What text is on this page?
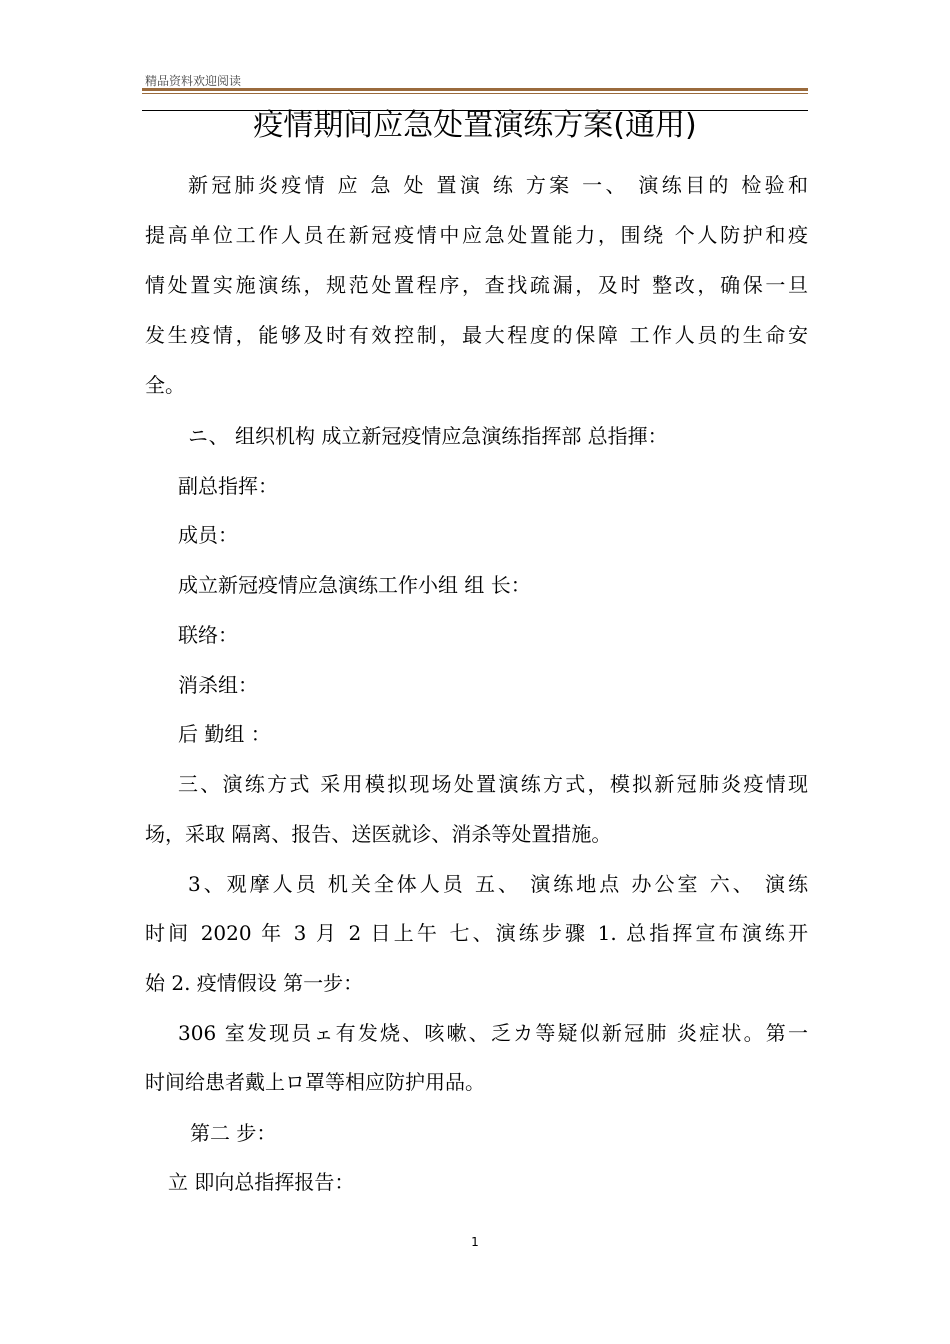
精品资料欢迎阅读
疫情期间应急处置演练方案(通用)
新冠肺炎疫情 应 急 处 置演 练 方案 一、 演练目的 检验和
提高单位工作人员在新冠疫情中应急处置能力，围绕 个人防护和疫
情处置实施演练，规范处置程序，查找疏漏，及时 整改，确保一旦
发生疫情，能够及时有效控制，最大程度的保障 工作人员的生命安
全。
ニ、 组织机构 成立新冠疫情应急演练指挥部 总指揮：
副总指挥：
成员：
成立新冠疫情应急演练工作小组 组 长：
联络：
消杀组：
后 勤组 ：
三、演练方式 采用模拟现场处置演练方式，模拟新冠肺炎疫情现
场，采取 隔离、报告、送医就诊、消杀等处置措施。
3、观摩人员 机关全体人员 五、 演练地点 办公室 六、 演练
时间 2020 年 3 月 2 日上午 七、演练步骤 1. 总指挥宣布演练开
始 2. 疫情假设 第一步：
306 室发现员ェ有发烧、咳嗽、乏カ等疑似新冠肺 炎症状。第一
时间给患者戴上ロ罩等相应防护用品。
第二 步：
立 即向总指挥报告：
1
